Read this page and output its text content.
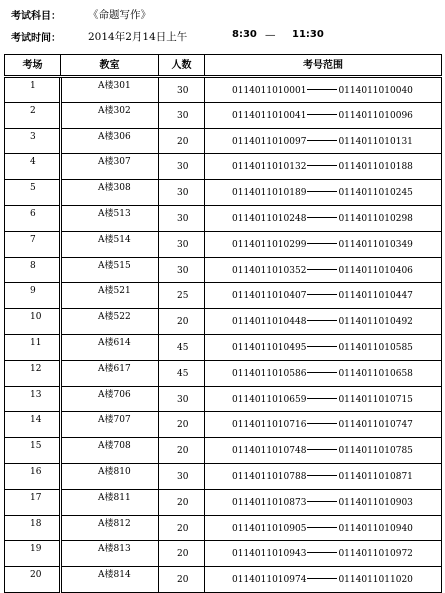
考试科目：	《命题写作》
考试时间：	2014年2月14日上午	8:30 — 11:30
考场	教室	人数	考号范围
1	A楼301	30	0114011010001 0114011010040
2	A楼302	30	0114011010041 0114011010096
3	A楼306	20	0114011010097 0114011010131
4	A楼307	30	0114011010132 0114011010188
5	A楼308	30	0114011010189 0114011010245
6	A楼513	30	0114011010248 0114011010298
7	A楼514	30	0114011010299 0114011010349
8	A楼515	30	0114011010352 0114011010406
9	A楼521	25	0114011010407 0114011010447
10	A楼522	20	0114011010448 0114011010492
11	A楼614	45	0114011010495 0114011010585
12	A楼617	45	0114011010586 0114011010658
13	A楼706	30	0114011010659 0114011010715
14	A楼707	20	0114011010716 0114011010747
15	A楼708	20	0114011010748 0114011010785
16	A楼810	30	0114011010788 0114011010871
17	A楼811	20	0114011010873 0114011010903
18	A楼812	20	0114011010905 0114011010940
19	A楼813	20	0114011010943 0114011010972
20	A楼814	20	0114011010974 0114011011020
